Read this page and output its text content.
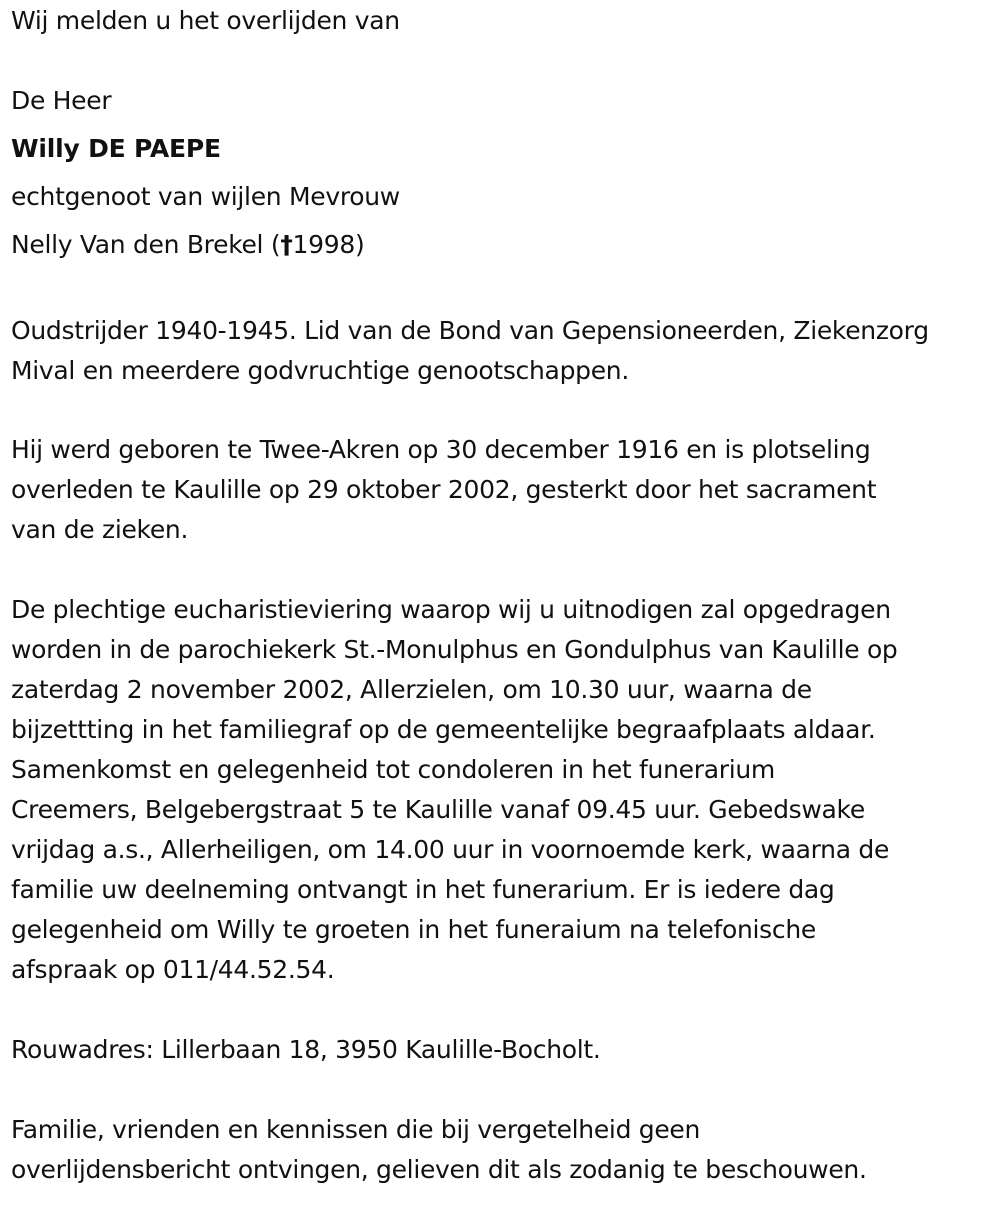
Wij melden u het overlijden van
De Heer
Willy DE PAEPE
echtgenoot van wijlen Mevrouw
Nelly Van den Brekel (†1998)
Oudstrijder 1940-1945. Lid van de Bond van Gepensioneerden, Ziekenzorg
Mival en meerdere godvruchtige genootschappen.
Hij werd geboren te Twee-Akren op 30 december 1916 en is plotseling
overleden te Kaulille op 29 oktober 2002, gesterkt door het sacrament
van de zieken.
De plechtige eucharistieviering waarop wij u uitnodigen zal opgedragen
worden in de parochiekerk St.-Monulphus en Gondulphus van Kaulille op
zaterdag 2 november 2002, Allerzielen, om 10.30 uur, waarna de
bijzettting in het familiegraf op de gemeentelijke begraafplaats aldaar.
Samenkomst en gelegenheid tot condoleren in het funerarium
Creemers, Belgebergstraat 5 te Kaulille vanaf 09.45 uur. Gebedswake
vrijdag a.s., Allerheiligen, om 14.00 uur in voornoemde kerk, waarna de
familie uw deelneming ontvangt in het funerarium. Er is iedere dag
gelegenheid om Willy te groeten in het funeraium na telefonische
afspraak op 011/44.52.54.
Rouwadres: Lillerbaan 18, 3950 Kaulille-Bocholt.
Familie, vrienden en kennissen die bij vergetelheid geen
overlijdensbericht ontvingen, gelieven dit als zodanig te beschouwen.
